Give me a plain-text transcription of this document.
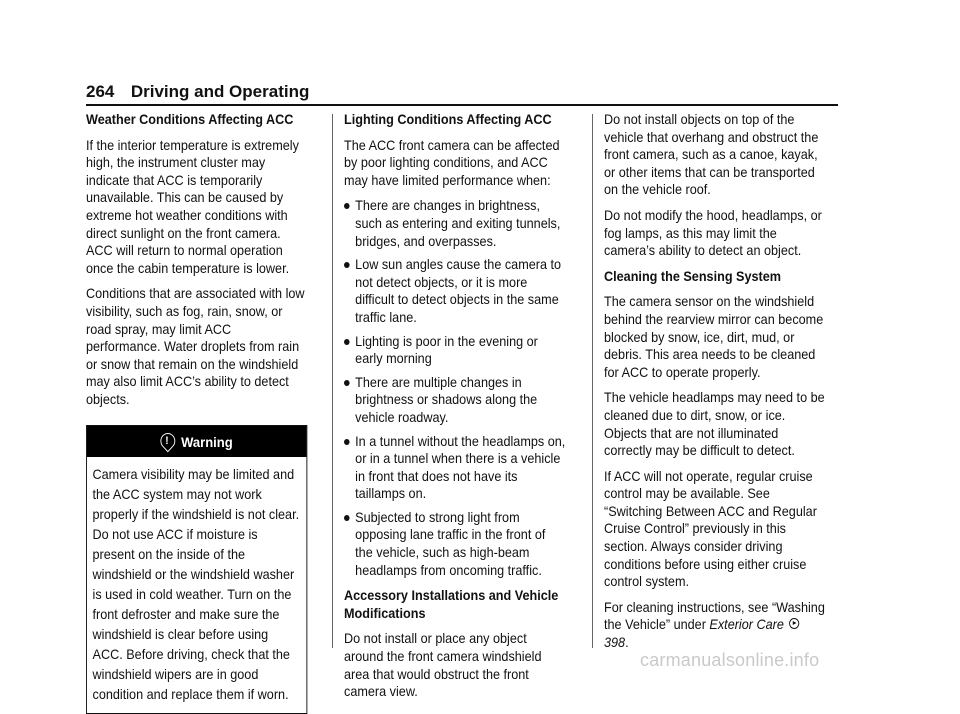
264 Driving and Operating

Weather Conditions Affecting ACC

If the interior temperature is extremely high, the instrument cluster may indicate that ACC is temporarily unavailable. This can be caused by extreme hot weather conditions with direct sunlight on the front camera. ACC will return to normal operation once the cabin temperature is lower.

Conditions that are associated with low visibility, such as fog, rain, snow, or road spray, may limit ACC performance. Water droplets from rain or snow that remain on the windshield may also limit ACC’s ability to detect objects.

!Warning
Camera visibility may be limited and the ACC system may not work properly if the windshield is not clear. Do not use ACC if moisture is present on the inside of the windshield or the windshield washer is used in cold weather. Turn on the front defroster and make sure the windshield is clear before using ACC. Before driving, check that the windshield wipers are in good condition and replace them if worn.

Lighting Conditions Affecting ACC

The ACC front camera can be affected by poor lighting conditions, and ACC may have limited performance when:

There are changes in brightness, such as entering and exiting tunnels, bridges, and overpasses.
Low sun angles cause the camera to not detect objects, or it is more difficult to detect objects in the same traffic lane.
Lighting is poor in the evening or early morning
There are multiple changes in brightness or shadows along the vehicle roadway.
In a tunnel without the headlamps on, or in a tunnel when there is a vehicle in front that does not have its taillamps on.
Subjected to strong light from opposing lane traffic in the front of the vehicle, such as high-beam headlamps from oncoming traffic.

Accessory Installations and Vehicle Modifications

Do not install or place any object around the front camera windshield area that would obstruct the front camera view.

Do not install objects on top of the vehicle that overhang and obstruct the front camera, such as a canoe, kayak, or other items that can be transported on the vehicle roof.

Do not modify the hood, headlamps, or fog lamps, as this may limit the camera’s ability to detect an object.

Cleaning the Sensing System

The camera sensor on the windshield behind the rearview mirror can become blocked by snow, ice, dirt, mud, or debris. This area needs to be cleaned for ACC to operate properly.

The vehicle headlamps may need to be cleaned due to dirt, snow, or ice. Objects that are not illuminated correctly may be difficult to detect.

If ACC will not operate, regular cruise control may be available. See “Switching Between ACC and Regular Cruise Control” previously in this section. Always consider driving conditions before using either cruise control system.

For cleaning instructions, see “Washing the Vehicle” under Exterior Care 398.

carmanualsonline.info
